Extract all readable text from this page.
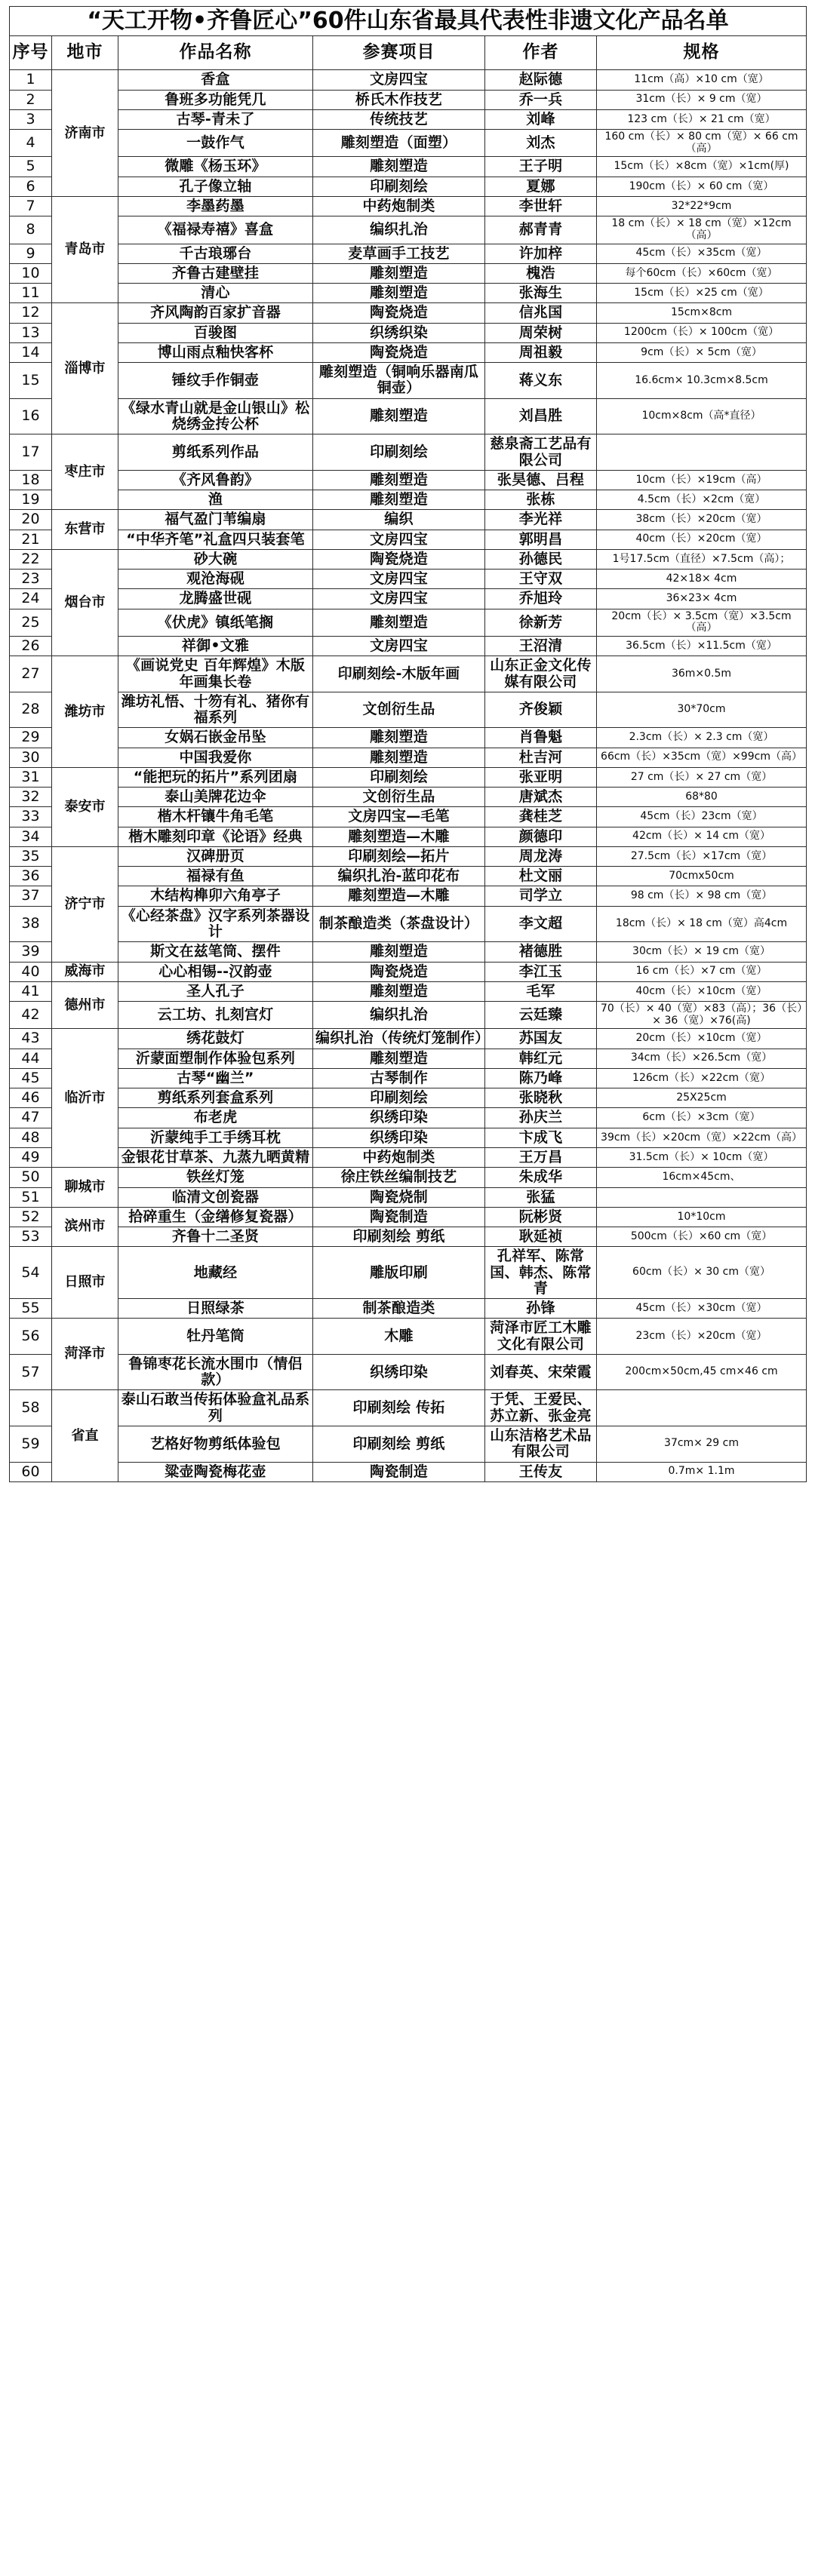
“天工开物•齐鲁匠心”60件山东省最具代表性非遗文化产品名单					
序号	地市	作品名称	参赛项目	作者	规格
1	济南市	香盒	文房四宝	赵际德	11cm（高）×10 cm（宽）
2		鲁班多功能凭几	桥氏木作技艺	乔一兵	31cm（长）× 9 cm（宽）
3		古琴-青未了	传统技艺	刘峰	123 cm（长）× 21 cm（宽）
4		一鼓作气	雕刻塑造（面塑）	刘杰	160 cm（长）× 80 cm（宽）× 66 cm（高）
5		微雕《杨玉环》	雕刻塑造	王子明	15cm（长）×8cm（宽）×1cm(厚)
6		孔子像立轴	印刷刻绘	夏娜	190cm（长）× 60 cm（宽）
7	青岛市	李墨药墨	中药炮制类	李世轩	32*22*9cm
8		《福禄寿禧》喜盒	编织扎治	郝青青	18 cm（长）× 18 cm（宽）×12cm（高）
9		千古琅琊台	麦草画手工技艺	许加梓	45cm（长）×35cm（宽）
10		齐鲁古建壁挂	雕刻塑造	槐浩	每个60cm（长）×60cm（宽）
11		清心	雕刻塑造	张海生	15cm（长）×25 cm（宽）
12	淄博市	齐风陶韵百家扩音器	陶瓷烧造	信兆国	15cm×8cm
13		百骏图	织绣织染	周荣树	1200cm（长）× 100cm（宽）
14		博山雨点釉快客杯	陶瓷烧造	周祖毅	9cm（长）× 5cm（宽）
15		锤纹手作铜壶	雕刻塑造（铜响乐器南瓜铜壶）	蒋义东	16.6cm× 10.3cm×8.5cm
16		《绿水青山就是金山银山》松烧绣金抟公杯	雕刻塑造	刘昌胜	10cm×8cm（高*直径）
17	枣庄市	剪纸系列作品	印刷刻绘	慈泉斋工艺品有限公司	
18		《齐风鲁韵》	雕刻塑造	张昊德、吕程	10cm（长）×19cm（高）
19		渔	雕刻塑造	张栋	4.5cm（长）×2cm（宽）
20	东营市	福气盈门苇编扇	编织	李光祥	38cm（长）×20cm（宽）
21		“中华齐笔”礼盒四只装套笔	文房四宝	郭明昌	40cm（长）×20cm（宽）
22	烟台市	砂大碗	陶瓷烧造	孙德民	1号17.5cm（直径）×7.5cm（高）；
23		观沧海砚	文房四宝	王守双	42×18× 4cm
24		龙腾盛世砚	文房四宝	乔旭玲	36×23× 4cm
25		《伏虎》镇纸笔搁	雕刻塑造	徐新芳	20cm（长）× 3.5cm（宽）×3.5cm（高）
26		祥御•文雅	文房四宝	王沼清	36.5cm（长）×11.5cm（宽）
27	潍坊市	《画说党史 百年辉煌》木版年画集长卷	印刷刻绘-木版年画	山东正金文化传媒有限公司	36m×0.5m
28		潍坊礼悟、十笏有礼、猪你有福系列	文创衍生品	齐俊颖	30*70cm
29		女娲石嵌金吊坠	雕刻塑造	肖鲁魁	2.3cm（长）× 2.3 cm（宽）
30		中国我爱你	雕刻塑造	杜吉河	66cm（长）×35cm（宽）×99cm（高）
31	泰安市	“能把玩的拓片”系列团扇	印刷刻绘	张亚明	27 cm（长）× 27 cm（宽）
32		泰山美牌花边伞	文创衍生品	唐斌杰	68*80
33		楷木杆镶牛角毛笔	文房四宝—毛笔	龚桂芝	45cm（长）23cm（宽）
34		楷木雕刻印章《论语》经典	雕刻塑造—木雕	颜德印	42cm（长）× 14 cm（宽）
35	济宁市	汉碑册页	印刷刻绘—拓片	周龙涛	27.5cm（长）×17cm（宽）
36		福禄有鱼	编织扎治-蓝印花布	杜文丽	70cmx50cm
37		木结构榫卯六角亭子	雕刻塑造—木雕	司学立	98 cm（长）× 98 cm（宽）
38		《心经茶盘》汉字系列茶器设计	制茶酿造类（茶盘设计）	李文超	18cm（长）× 18 cm（宽）高4cm
39		斯文在兹笔筒、摆件	雕刻塑造	褚德胜	30cm（长）× 19 cm（宽）
40	威海市	心心相锡--汉韵壶	陶瓷烧造	李江玉	16 cm（长）×7 cm（宽）
41	德州市	圣人孔子	雕刻塑造	毛军	40cm（长）×10cm（宽）
42		云工坊、扎刻宫灯	编织扎治	云廷臻	70（长）× 40（宽）×83（高）；36（长）× 36（宽）×76(高)
43	临沂市	绣花鼓灯	编织扎治（传统灯笼制作）	苏国友	20cm（长）×10cm（宽）
44		沂蒙面塑制作体验包系列	雕刻塑造	韩红元	34cm（长）×26.5cm（宽）
45		古琴“幽兰”	古琴制作	陈乃峰	126cm（长）×22cm（宽）
46		剪纸系列套盒系列	印刷刻绘	张晓秋	25X25cm
47		布老虎	织绣印染	孙庆兰	6cm（长）×3cm（宽）
48		沂蒙纯手工手绣耳枕	织绣印染	卞成飞	39cm（长）×20cm（宽）×22cm（高）
49		金银花甘草茶、九蒸九晒黄精	中药炮制类	王万昌	31.5cm（长）× 10cm（宽）
50	聊城市	铁丝灯笼	徐庄铁丝编制技艺	朱成华	16cm×45cm、
51		临清文创瓷器	陶瓷烧制	张猛	
52	滨州市	拾碎重生（金缮修复瓷器）	陶瓷制造	阮彬贤	10*10cm
53		齐鲁十二圣贤	印刷刻绘 剪纸	耿延祯	500cm（长）×60 cm（宽）
54	日照市	地藏经	雕版印刷	孔祥军、陈常国、韩杰、陈常青	60cm（长）× 30 cm（宽）
55		日照绿茶	制茶酿造类	孙锋	45cm（长）×30cm（宽）
56	菏泽市	牡丹笔筒	木雕	菏泽市匠工木雕文化有限公司	23cm（长）×20cm（宽）
57		鲁锦枣花长流水围巾（情侣款）	织绣印染	刘春英、宋荣霞	200cm×50cm,45 cm×46 cm
58	省直	泰山石敢当传拓体验盒礼品系列	印刷刻绘 传拓	于凭、王爱民、苏立新、张金亮	
59		艺格好物剪纸体验包	印刷刻绘 剪纸	山东洁格艺术品有限公司	37cm× 29 cm
60		粱壶陶瓷梅花壶	陶瓷制造	王传友	0.7m× 1.1m
